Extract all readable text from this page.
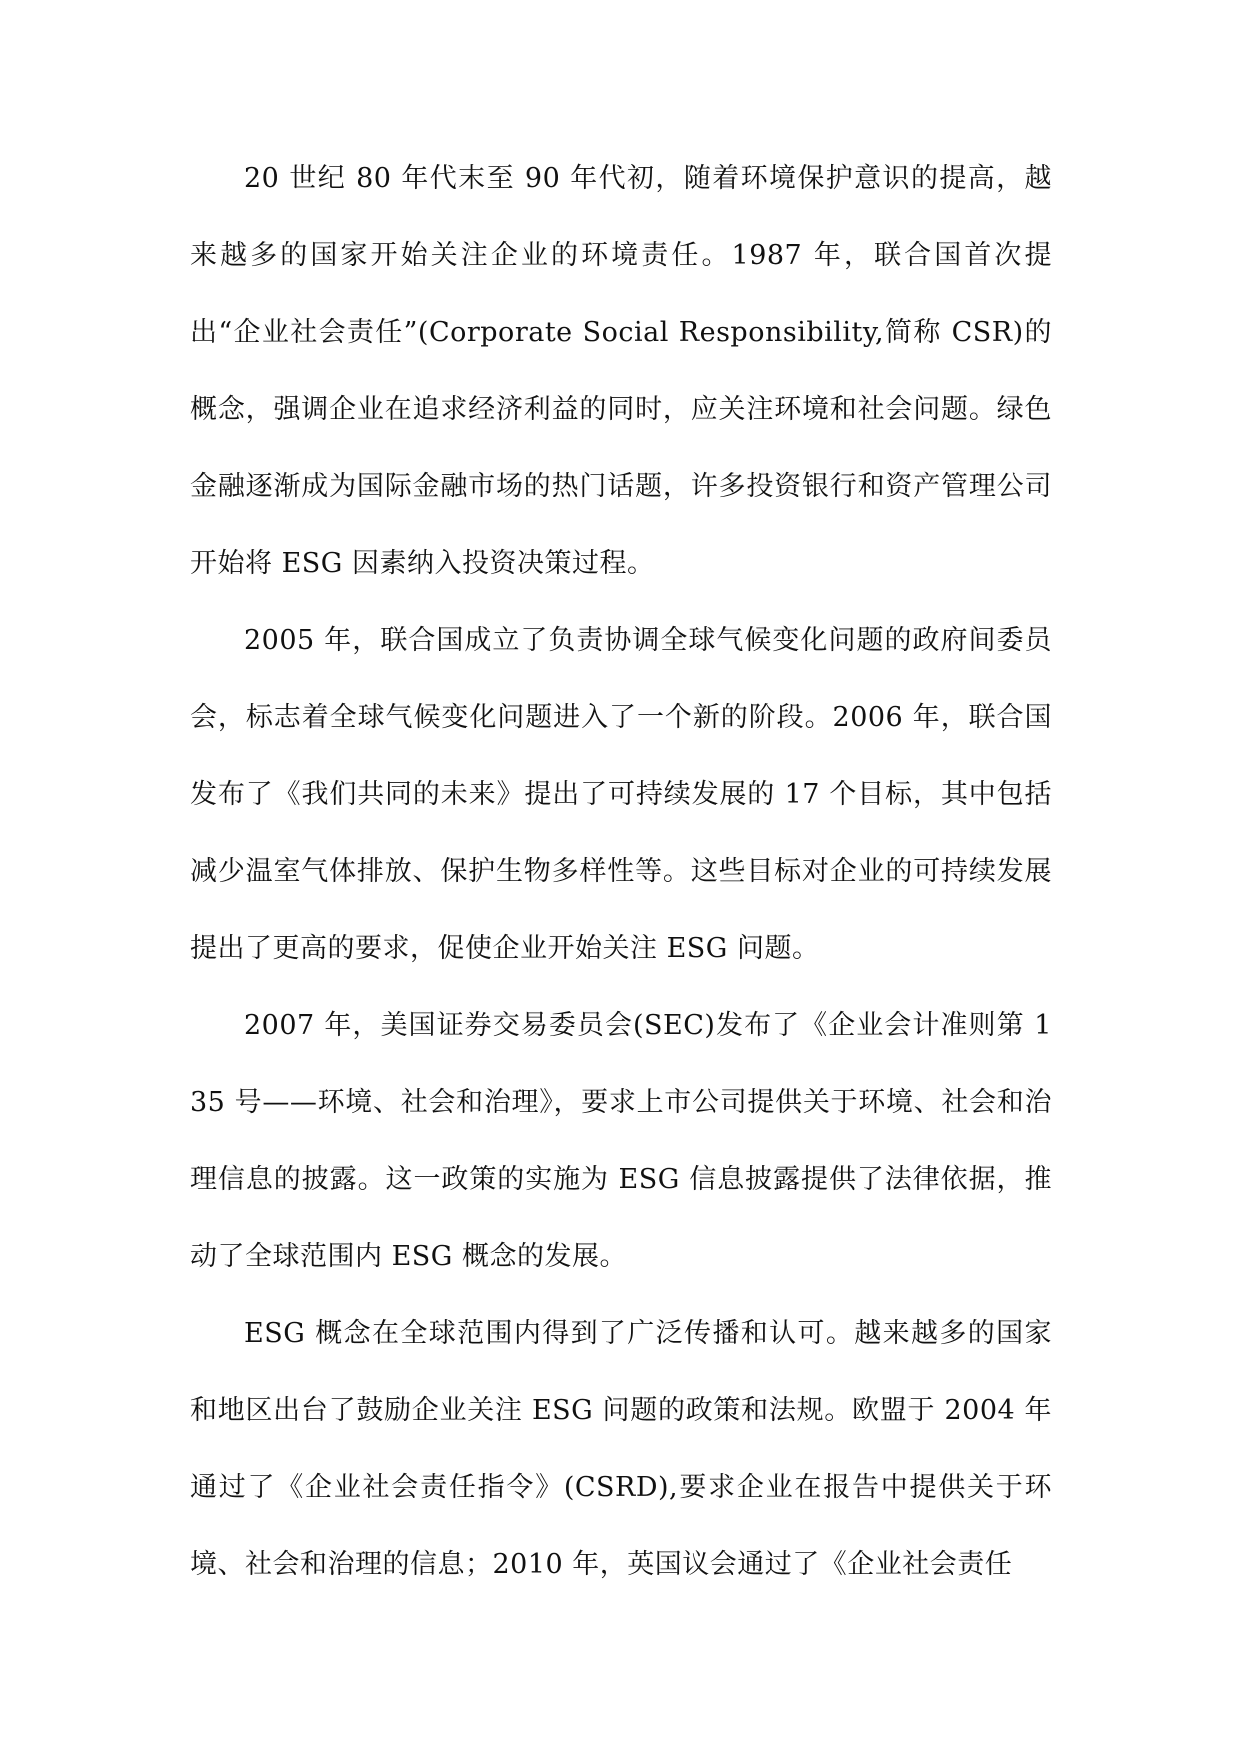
20 世纪 80 年代末至 90 年代初，随着环境保护意识的提高，越来越多的国家开始关注企业的环境责任。1987 年，联合国首次提出“企业社会责任”(Corporate Social Responsibility,简称 CSR)的概念，强调企业在追求经济利益的同时，应关注环境和社会问题。绿色金融逐渐成为国际金融市场的热门话题，许多投资银行和资产管理公司开始将 ESG 因素纳入投资决策过程。

2005 年，联合国成立了负责协调全球气候变化问题的政府间委员会，标志着全球气候变化问题进入了一个新的阶段。2006 年，联合国发布了《我们共同的未来》提出了可持续发展的 17 个目标，其中包括减少温室气体排放、保护生物多样性等。这些目标对企业的可持续发展提出了更高的要求，促使企业开始关注 ESG 问题。

2007 年，美国证券交易委员会(SEC)发布了《企业会计准则第 135 号——环境、社会和治理》，要求上市公司提供关于环境、社会和治理信息的披露。这一政策的实施为 ESG 信息披露提供了法律依据，推动了全球范围内 ESG 概念的发展。

ESG 概念在全球范围内得到了广泛传播和认可。越来越多的国家和地区出台了鼓励企业关注 ESG 问题的政策和法规。欧盟于 2004 年通过了《企业社会责任指令》(CSRD),要求企业在报告中提供关于环境、社会和治理的信息；2010 年，英国议会通过了《企业社会责任
